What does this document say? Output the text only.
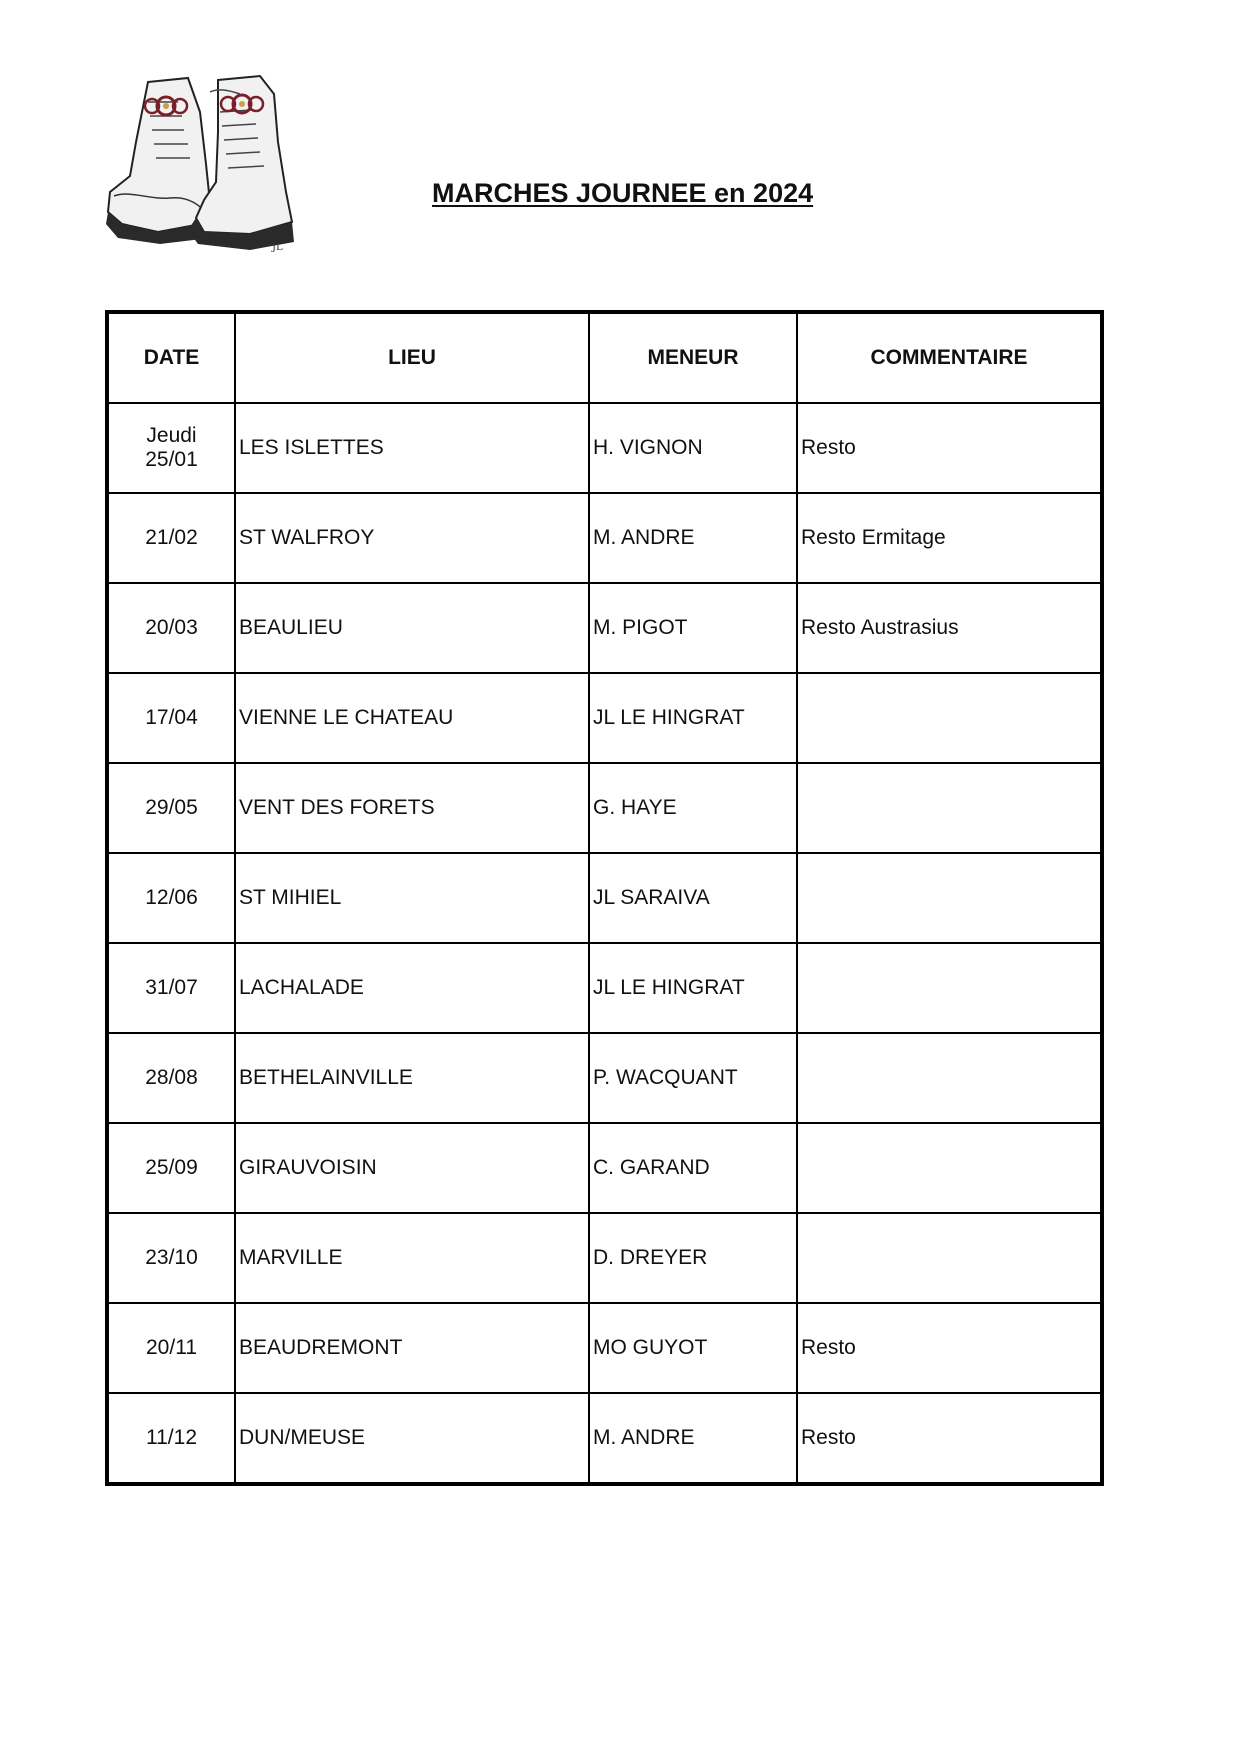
JL
MARCHES JOURNEE en 2024
DATE	LIEU	MENEUR	COMMENTAIRE
Jeudi
25/01	LES ISLETTES	H. VIGNON	Resto
21/02	ST WALFROY	M. ANDRE	Resto Ermitage
20/03	BEAULIEU	M. PIGOT	Resto Austrasius
17/04	VIENNE LE CHATEAU	JL LE HINGRAT	
29/05	VENT DES FORETS	G. HAYE	
12/06	ST MIHIEL	JL SARAIVA	
31/07	LACHALADE	JL LE HINGRAT	
28/08	BETHELAINVILLE	P. WACQUANT	
25/09	GIRAUVOISIN	C. GARAND	
23/10	MARVILLE	D. DREYER	
20/11	BEAUDREMONT	MO GUYOT	Resto
11/12	DUN/MEUSE	M. ANDRE	Resto
